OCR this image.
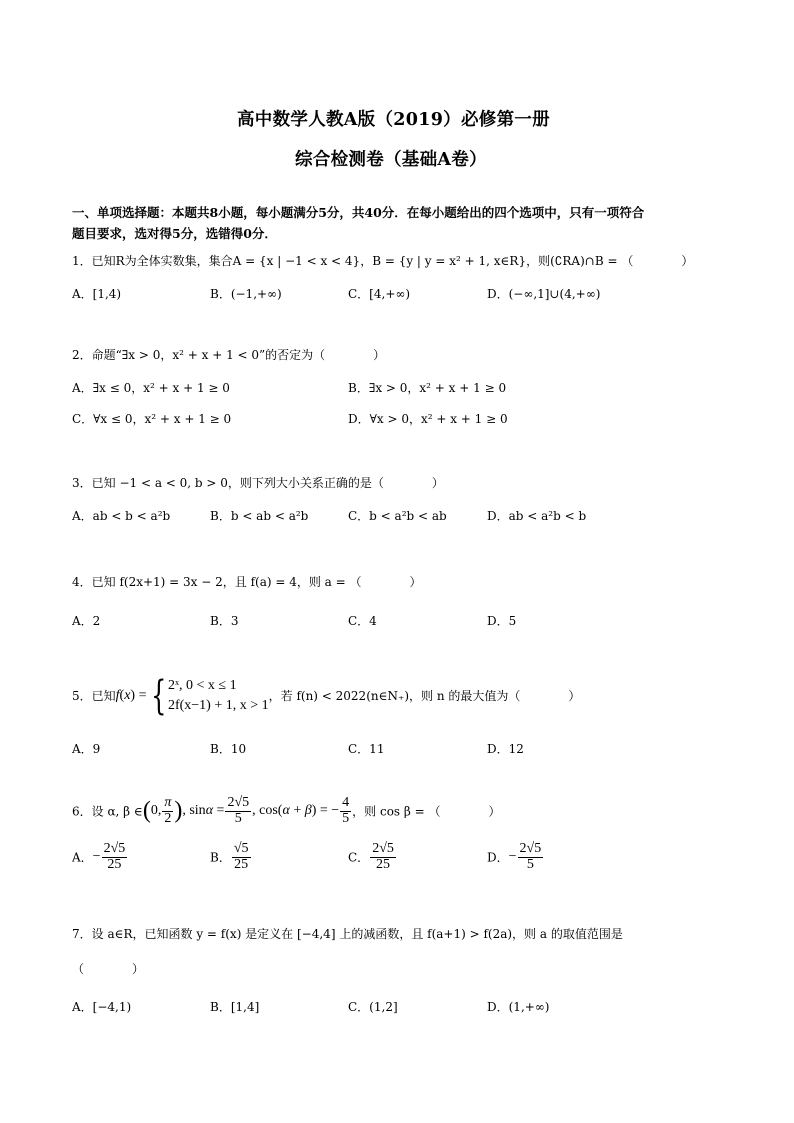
高中数学人教A版（2019）必修第一册
综合检测卷（基础A卷）
一、单项选择题：本题共8小题，每小题满分5分，共40分．在每小题给出的四个选项中，只有一项符合
题目要求，选对得5分，选错得0分．
1．已知R为全体实数集，集合A = {x | −1 < x < 4}，B = {y | y = x² + 1, x∈R}，则(∁RA)∩B = （　　　　）
A．[1,4)	B．(−1,+∞)	C．[4,+∞)	D．(−∞,1]∪(4,+∞)
2．命题“∃x > 0，x² + x + 1 < 0”的否定为（　　　　）
A．∃x ≤ 0，x² + x + 1 ≥ 0	B．∃x > 0，x² + x + 1 ≥ 0
C．∀x ≤ 0，x² + x + 1 ≥ 0	D．∀x > 0，x² + x + 1 ≥ 0
3．已知 −1 < a < 0, b > 0，则下列大小关系正确的是（　　　　）
A．ab < b < a²b	B．b < ab < a²b	C．b < a²b < ab	D．ab < a²b < b
4．已知 f(2x+1) = 3x − 2，且 f(a) = 4，则 a = （　　　　）
A．2	B．3	C．4	D．5
5．已知f(x) = { 2ˣ, 0 < x ≤ 1
2f(x−1) + 1, x > 1
，若 f(n) < 2022(n∈N₊)，则 n 的最大值为（　　　　）
A．9	B．10	C．11	D．12
6．设 α, β ∈(0, $\frac{\pi}{2}$ ), $\sin\alpha = \frac{2√5}{5}$ , cos(α + β) = − $\frac{4}{5}$ ，则 cos β = （　　　　）
A．− $\frac{2√5}{25}$	B． $\frac{√5}{25}$	C． $\frac{2√5}{25}$	D．− $\frac{2√5}{5}$
7．设 a∈R，已知函数 y = f(x) 是定义在 [−4,4] 上的减函数，且 f(a+1) > f(2a)，则 a 的取值范围是
（　　　　）
A．[−4,1)	B．[1,4]	C．(1,2]	D．(1,+∞)
